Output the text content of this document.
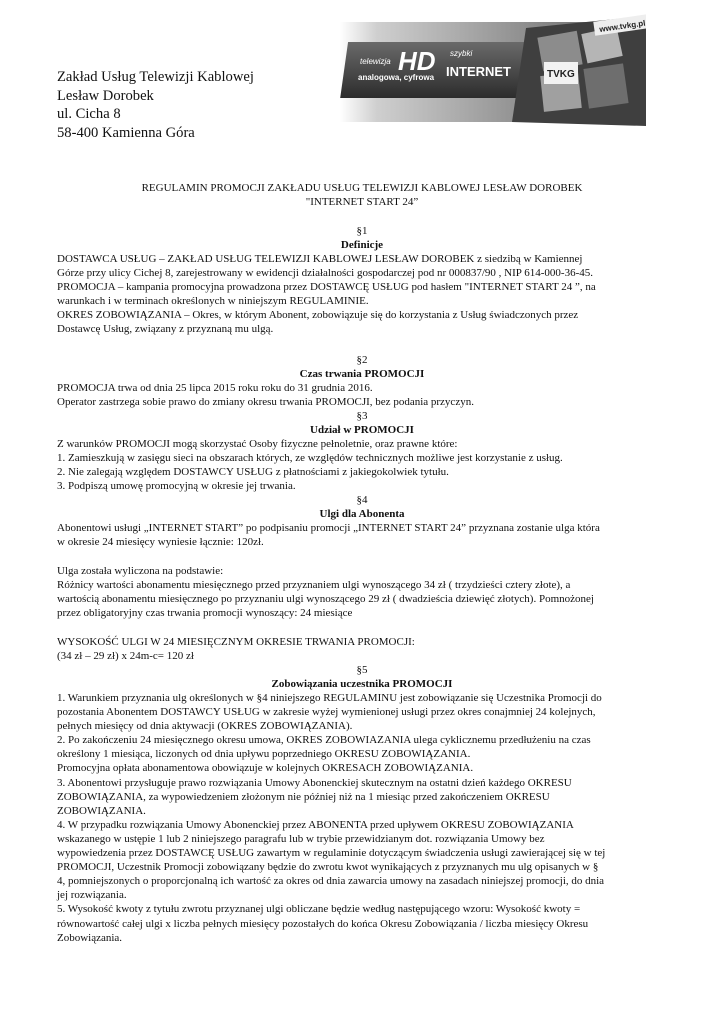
Zakład Usług Telewizji Kablowej
Lesław Dorobek
ul. Cicha 8
58-400 Kamienna Góra
www.tvkg.pl
TVKG
telewizja HD
analogowa, cyfrowa
szybki
INTERNET
REGULAMIN PROMOCJI ZAKŁADU USŁUG TELEWIZJI KABLOWEJ LESŁAW DOROBEK
"INTERNET START 24”
§1
Definicje
DOSTAWCA USŁUG – ZAKŁAD USŁUG TELEWIZJI KABLOWEJ LESŁAW DOROBEK z siedzibą w Kamiennej
Górze przy ulicy Cichej 8, zarejestrowany w ewidencji działalności gospodarczej pod nr 000837/90 , NIP 614-000-36-45.
PROMOCJA – kampania promocyjna prowadzona przez DOSTAWCĘ USŁUG pod hasłem "INTERNET START 24 ”, na
warunkach i w terminach określonych w niniejszym REGULAMINIE.
OKRES ZOBOWIĄZANIA – Okres, w którym Abonent, zobowiązuje się do korzystania z Usług świadczonych przez
Dostawcę Usług, związany z przyznaną mu ulgą.
§2
Czas trwania PROMOCJI
PROMOCJA trwa od dnia 25 lipca 2015 roku roku do 31 grudnia 2016.
Operator zastrzega sobie prawo do zmiany okresu trwania PROMOCJI, bez podania przyczyn.
§3
Udział w PROMOCJI
Z warunków PROMOCJI mogą skorzystać Osoby fizyczne pełnoletnie, oraz prawne które:
1. Zamieszkują w zasięgu sieci na obszarach których, ze względów technicznych możliwe jest korzystanie z usług.
2. Nie zalegają względem DOSTAWCY USŁUG z płatnościami z jakiegokolwiek tytułu.
3. Podpiszą umowę promocyjną w okresie jej trwania.
§4
Ulgi dla Abonenta
Abonentowi usługi „INTERNET START” po podpisaniu promocji „INTERNET START 24” przyznana zostanie ulga która
w okresie 24 miesięcy wyniesie łącznie: 120zł.
Ulga została wyliczona na podstawie:
Różnicy wartości abonamentu miesięcznego przed przyznaniem ulgi wynoszącego 34 zł ( trzydzieści cztery złote), a
wartością abonamentu miesięcznego po przyznaniu ulgi wynoszącego 29 zł ( dwadzieścia dziewięć złotych). Pomnożonej
przez obligatoryjny czas trwania promocji wynoszący: 24 miesiące
WYSOKOŚĆ ULGI W 24 MIESIĘCZNYM OKRESIE TRWANIA PROMOCJI:
(34 zł – 29 zł) x 24m-c= 120 zł
§5
Zobowiązania uczestnika PROMOCJI
1. Warunkiem przyznania ulg określonych w §4 niniejszego REGULAMINU jest zobowiązanie się Uczestnika Promocji do
pozostania Abonentem DOSTAWCY USŁUG w zakresie wyżej wymienionej usługi przez okres conajmniej 24 kolejnych,
pełnych miesięcy od dnia aktywacji (OKRES ZOBOWIĄZANIA).
2. Po zakończeniu 24 miesięcznego okresu umowa, OKRES ZOBOWIAZANIA ulega cyklicznemu przedłużeniu na czas
określony 1 miesiąca, liczonych od dnia upływu poprzedniego OKRESU ZOBOWIĄZANIA.
Promocyjna opłata abonamentowa obowiązuje w kolejnych OKRESACH ZOBOWIĄZANIA.
3. Abonentowi przysługuje prawo rozwiązania Umowy Abonenckiej skutecznym na ostatni dzień każdego OKRESU
ZOBOWIĄZANIA, za wypowiedzeniem złożonym nie później niż na 1 miesiąc przed zakończeniem OKRESU
ZOBOWIĄZANIA.
4. W przypadku rozwiązania Umowy Abonenckiej przez ABONENTA przed upływem OKRESU ZOBOWIĄZANIA
wskazanego w ustępie 1 lub 2 niniejszego paragrafu lub w trybie przewidzianym dot. rozwiązania Umowy bez
wypowiedzenia przez DOSTAWCĘ USŁUG zawartym w regulaminie dotyczącym świadczenia usługi zawierającej się w tej
PROMOCJI, Uczestnik Promocji zobowiązany będzie do zwrotu kwot wynikających z przyznanych mu ulg opisanych w §
4, pomniejszonych o proporcjonalną ich wartość za okres od dnia zawarcia umowy na zasadach niniejszej promocji, do dnia
jej rozwiązania.
5. Wysokość kwoty z tytułu zwrotu przyznanej ulgi obliczane będzie według następującego wzoru: Wysokość kwoty =
równowartość całej ulgi x liczba pełnych miesięcy pozostałych do końca Okresu Zobowiązania / liczba miesięcy Okresu
Zobowiązania.
